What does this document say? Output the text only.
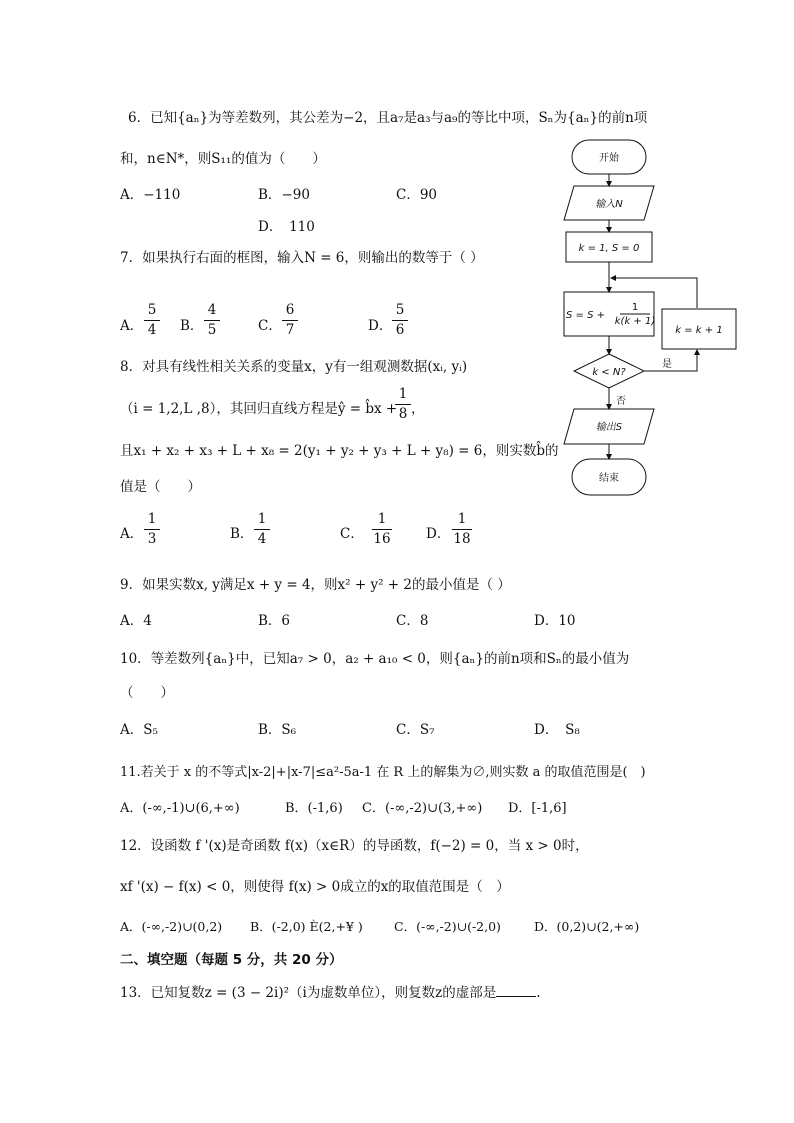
6．已知{aₙ}为等差数列，其公差为−2，且a₇是a₃与a₉的等比中项，Sₙ为{aₙ}的前n项
和，n∈N*，则S₁₁的值为（　　）
A．−110	B．−90	C．90
D．　110
7．如果执行右面的框图，输入N = 6，则输出的数等于（ ）
A． $\frac{5}{4}$ B． $\frac{4}{5}$	C． $\frac{6}{7}$	D． $\frac{5}{6}$
8．对具有线性相关关系的变量x，y有一组观测数据(xᵢ, yᵢ)
（i = 1,2,L ,8），其回归直线方程是ŷ = b̂x +
$\frac{1}{8}$ ，
且x₁ + x₂ + x₃ + L + x₈ = 2(y₁ + y₂ + y₃ + L + y₈) = 6，则实数b̂的
值是（　　）
A． $\frac{1}{3}$	B． $\frac{1}{4}$	C． $\frac{1}{16}$	D． $\frac{1}{18}$
9．如果实数x, y满足x + y = 4，则x² + y² + 2的最小值是（ ）
A．4	B．6	C．8	D．10
10．等差数列{aₙ}中，已知a₇ > 0，a₂ + a₁₀ < 0，则{aₙ}的前n项和Sₙ的最小值为
（　　）
A．S₅	B．S₆	C．S₇	D．　S₈
11.若关于 x 的不等式|x-2|+|x-7|≤a²-5a-1 在 R 上的解集为∅,则实数 a 的取值范围是(　)
A．(-∞,-1)∪(6,+∞)	B．(-1,6) C．(-∞,-2)∪(3,+∞) D．[-1,6]
12．设函数 f '(x)是奇函数 f(x)（x∈R）的导函数，f(−2) = 0，当 x > 0时，
xf '(x) − f(x) < 0，则使得 f(x) > 0成立的x的取值范围是（　）
A．(-∞,-2)∪(0,2) B．(-2,0) È(2,+¥ )	C．(-∞,-2)∪(-2,0)	D．(0,2)∪(2,+∞)
二、填空题（每题 5 分，共 20 分）
13．已知复数z = (3 − 2i)²（i为虚数单位），则复数z的虚部是	.
开始
输入N
k = 1, S = 0
S = S +
1
k(k + 1)
k = k + 1
k < N?
是
否
输出S
结束
